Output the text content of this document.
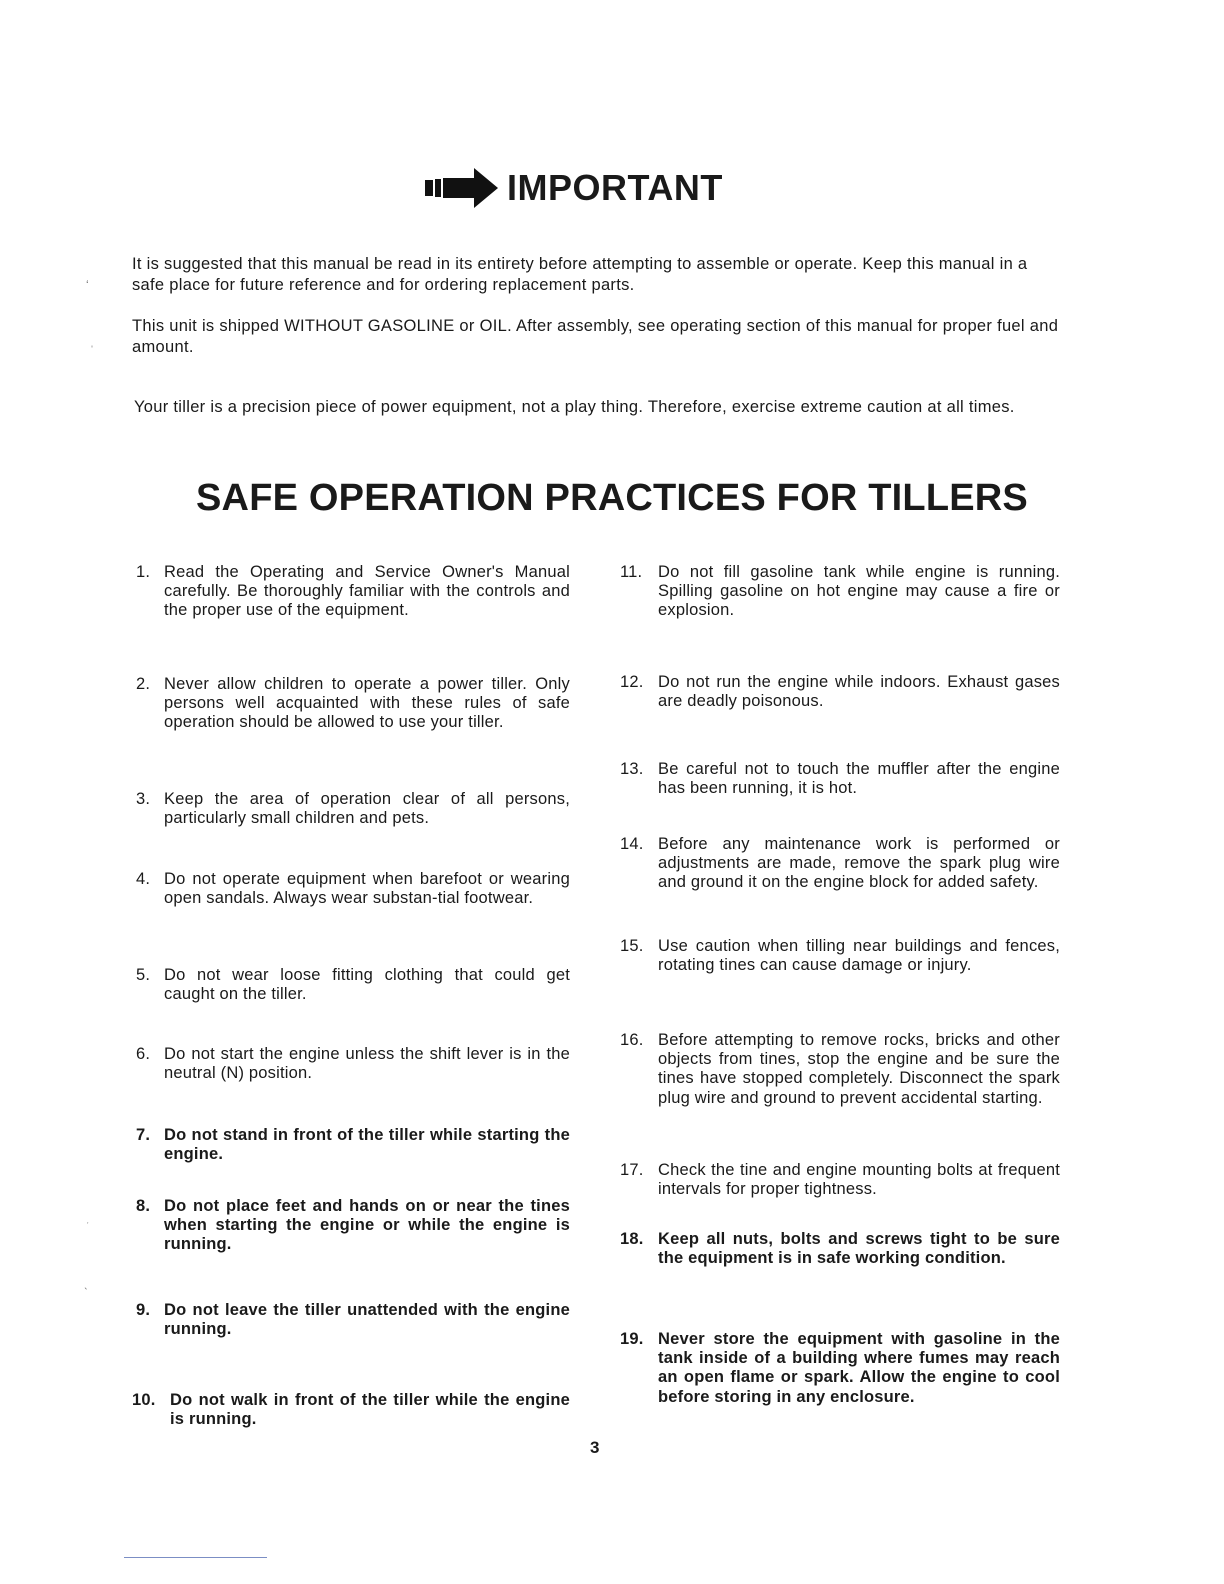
IMPORTANT
It is suggested that this manual be read in its entirety before attempting to assemble or operate. Keep this manual in a safe place for future reference and for ordering replacement parts.
This unit is shipped WITHOUT GASOLINE or OIL. After assembly, see operating section of this manual for proper fuel and amount.
Your tiller is a precision piece of power equipment, not a play thing. Therefore, exercise extreme caution at all times.
SAFE OPERATION PRACTICES FOR TILLERS
1. Read the Operating and Service Owner's Manual carefully. Be thoroughly familiar with the controls and the proper use of the equipment.
2. Never allow children to operate a power tiller. Only persons well acquainted with these rules of safe operation should be allowed to use your tiller.
3. Keep the area of operation clear of all persons, particularly small children and pets.
4. Do not operate equipment when barefoot or wearing open sandals. Always wear substan-tial footwear.
5. Do not wear loose fitting clothing that could get caught on the tiller.
6. Do not start the engine unless the shift lever is in the neutral (N) position.
7. Do not stand in front of the tiller while starting the engine.
8. Do not place feet and hands on or near the tines when starting the engine or while the engine is running.
9. Do not leave the tiller unattended with the engine running.
10. Do not walk in front of the tiller while the engine is running.
11. Do not fill gasoline tank while engine is running. Spilling gasoline on hot engine may cause a fire or explosion.
12. Do not run the engine while indoors. Exhaust gases are deadly poisonous.
13. Be careful not to touch the muffler after the engine has been running, it is hot.
14. Before any maintenance work is performed or adjustments are made, remove the spark plug wire and ground it on the engine block for added safety.
15. Use caution when tilling near buildings and fences, rotating tines can cause damage or injury.
16. Before attempting to remove rocks, bricks and other objects from tines, stop the engine and be sure the tines have stopped completely. Disconnect the spark plug wire and ground to prevent accidental starting.
17. Check the tine and engine mounting bolts at frequent intervals for proper tightness.
18. Keep all nuts, bolts and screws tight to be sure the equipment is in safe working condition.
19. Never store the equipment with gasoline in the tank inside of a building where fumes may reach an open flame or spark. Allow the engine to cool before storing in any enclosure.
3
ʻ
ˌ
ˑ
ˎ
